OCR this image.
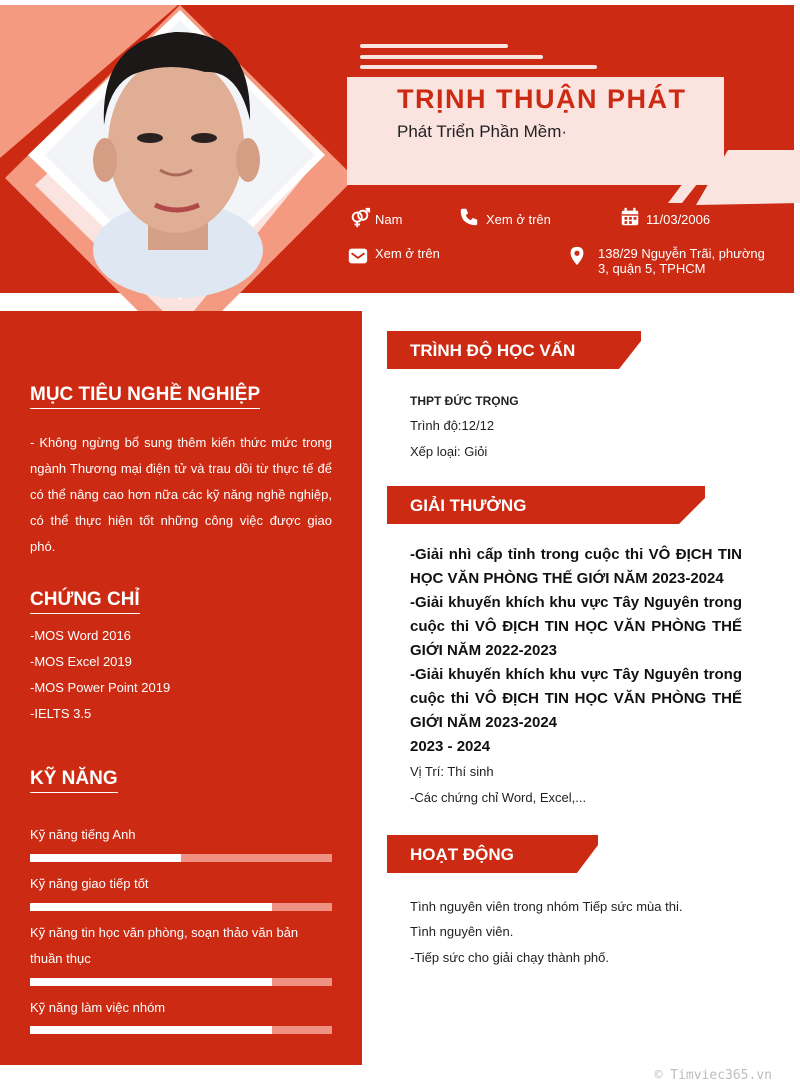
TRỊNH THUẬN PHÁT
Phát Triển Phần Mềm·
Nam	Xem ở trên	11/03/2006
Xem ở trên	138/29 Nguyễn Trãi, phường 3, quận 5, TPHCM
MỤC TIÊU NGHỀ NGHIỆP
- Không ngừng bổ sung thêm kiến thức mức trong ngành Thương mại điện tử và trau dồi từ thực tế để có thể nâng cao hơn nữa các kỹ năng nghề nghiệp, có thể thực hiện tốt những công việc được giao phó.
CHỨNG CHỈ
-MOS Word 2016
-MOS Excel 2019
-MOS Power Point 2019
-IELTS 3.5
KỸ NĂNG
Kỹ năng tiếng Anh
Kỹ năng giao tiếp tốt
Kỹ năng tin học văn phòng, soạn thảo văn bản thuần thục
Kỹ năng làm việc nhóm
TRÌNH ĐỘ HỌC VẤN
THPT ĐỨC TRỌNG
Trình độ:12/12
Xếp loại: Giỏi
GIẢI THƯỞNG
-Giải nhì cấp tỉnh trong cuộc thi VÔ ĐỊCH TIN HỌC VĂN PHÒNG THẾ GIỚI NĂM 2023-2024
-Giải khuyến khích khu vực Tây Nguyên trong cuộc thi VÔ ĐỊCH TIN HỌC VĂN PHÒNG THẾ GIỚI NĂM 2022-2023
-Giải khuyến khích khu vực Tây Nguyên trong cuộc thi VÔ ĐỊCH TIN HỌC VĂN PHÒNG THẾ GIỚI NĂM 2023-2024
2023 - 2024
Vị Trí: Thí sinh
-Các chứng chỉ Word, Excel,...
HOẠT ĐỘNG
Tình nguyên viên trong nhóm Tiếp sức mùa thi.
Tình nguyên viên.
-Tiếp sức cho giải chạy thành phố.
© Timviec365.vn
